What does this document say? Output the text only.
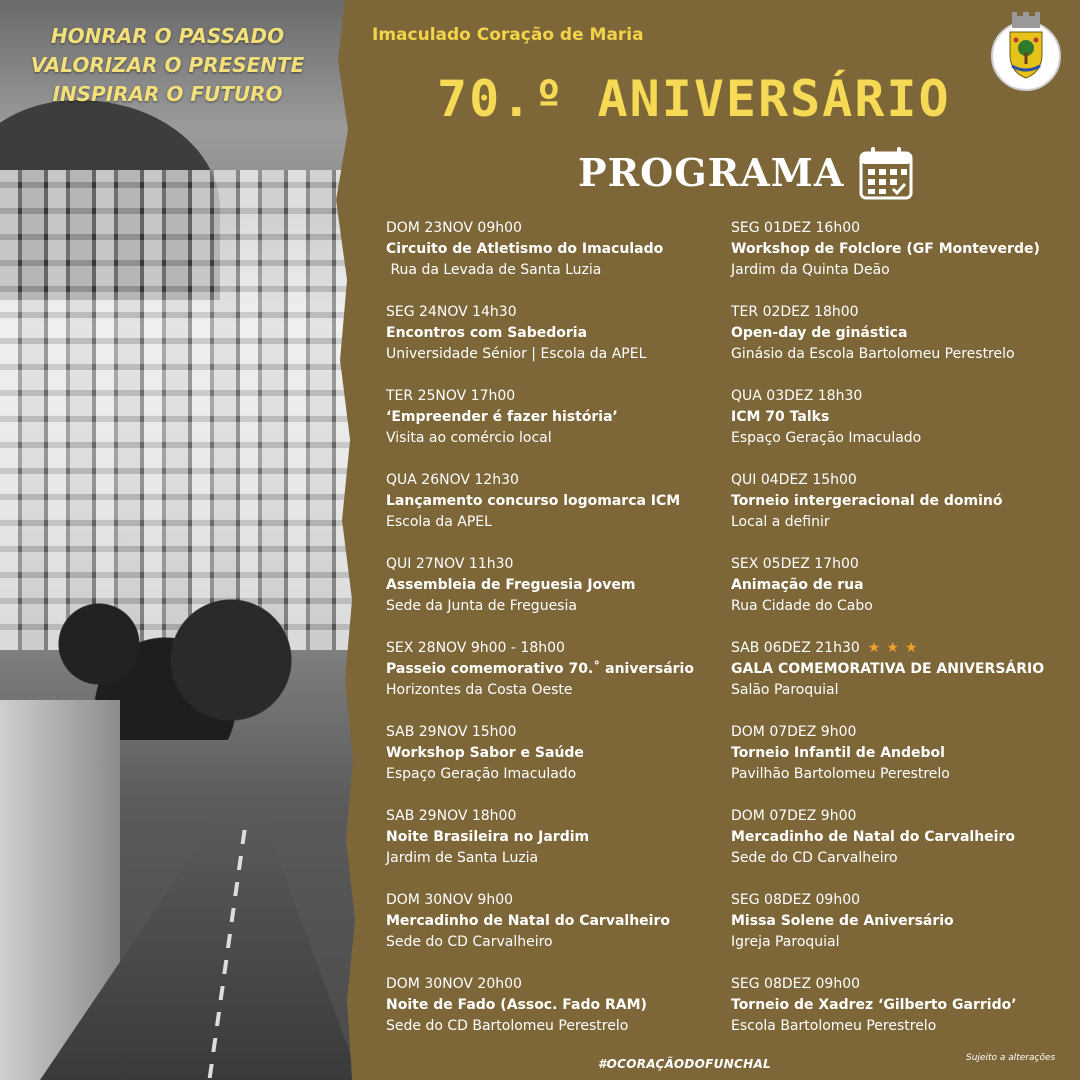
HONRAR O PASSADO
VALORIZAR O PRESENTE
INSPIRAR O FUTURO
Imaculado Coração de Maria
70.º ANIVERSÁRIO
PROGRAMA
DOM 23NOV 09h00
Circuito de Atletismo do Imaculado
Rua da Levada de Santa Luzia
SEG 24NOV 14h30
Encontros com Sabedoria
Universidade Sénior | Escola da APEL
TER 25NOV 17h00
‘Empreender é fazer história’
Visita ao comércio local
QUA 26NOV 12h30
Lançamento concurso logomarca ICM
Escola da APEL
QUI 27NOV 11h30
Assembleia de Freguesia Jovem
Sede da Junta de Freguesia
SEX 28NOV 9h00 - 18h00
Passeio comemorativo 70.˚ aniversário
Horizontes da Costa Oeste
SAB 29NOV 15h00
Workshop Sabor e Saúde
Espaço Geração Imaculado
SAB 29NOV 18h00
Noite Brasileira no Jardim
Jardim de Santa Luzia
DOM 30NOV 9h00
Mercadinho de Natal do Carvalheiro
Sede do CD Carvalheiro
DOM 30NOV 20h00
Noite de Fado (Assoc. Fado RAM)
Sede do CD Bartolomeu Perestrelo
SEG 01DEZ 16h00
Workshop de Folclore (GF Monteverde)
Jardim da Quinta Deão
TER 02DEZ 18h00
Open-day de ginástica
Ginásio da Escola Bartolomeu Perestrelo
QUA 03DEZ 18h30
ICM 70 Talks
Espaço Geração Imaculado
QUI 04DEZ 15h00
Torneio intergeracional de dominó
Local a definir
SEX 05DEZ 17h00
Animação de rua
Rua Cidade do Cabo
SAB 06DEZ 21h30 ★★★
GALA COMEMORATIVA DE ANIVERSÁRIO
Salão Paroquial
DOM 07DEZ 9h00
Torneio Infantil de Andebol
Pavilhão Bartolomeu Perestrelo
DOM 07DEZ 9h00
Mercadinho de Natal do Carvalheiro
Sede do CD Carvalheiro
SEG 08DEZ 09h00
Missa Solene de Aniversário
Igreja Paroquial
SEG 08DEZ 09h00
Torneio de Xadrez ‘Gilberto Garrido’
Escola Bartolomeu Perestrelo
#OCORAÇÃODOFUNCHAL	Sujeito a alterações
